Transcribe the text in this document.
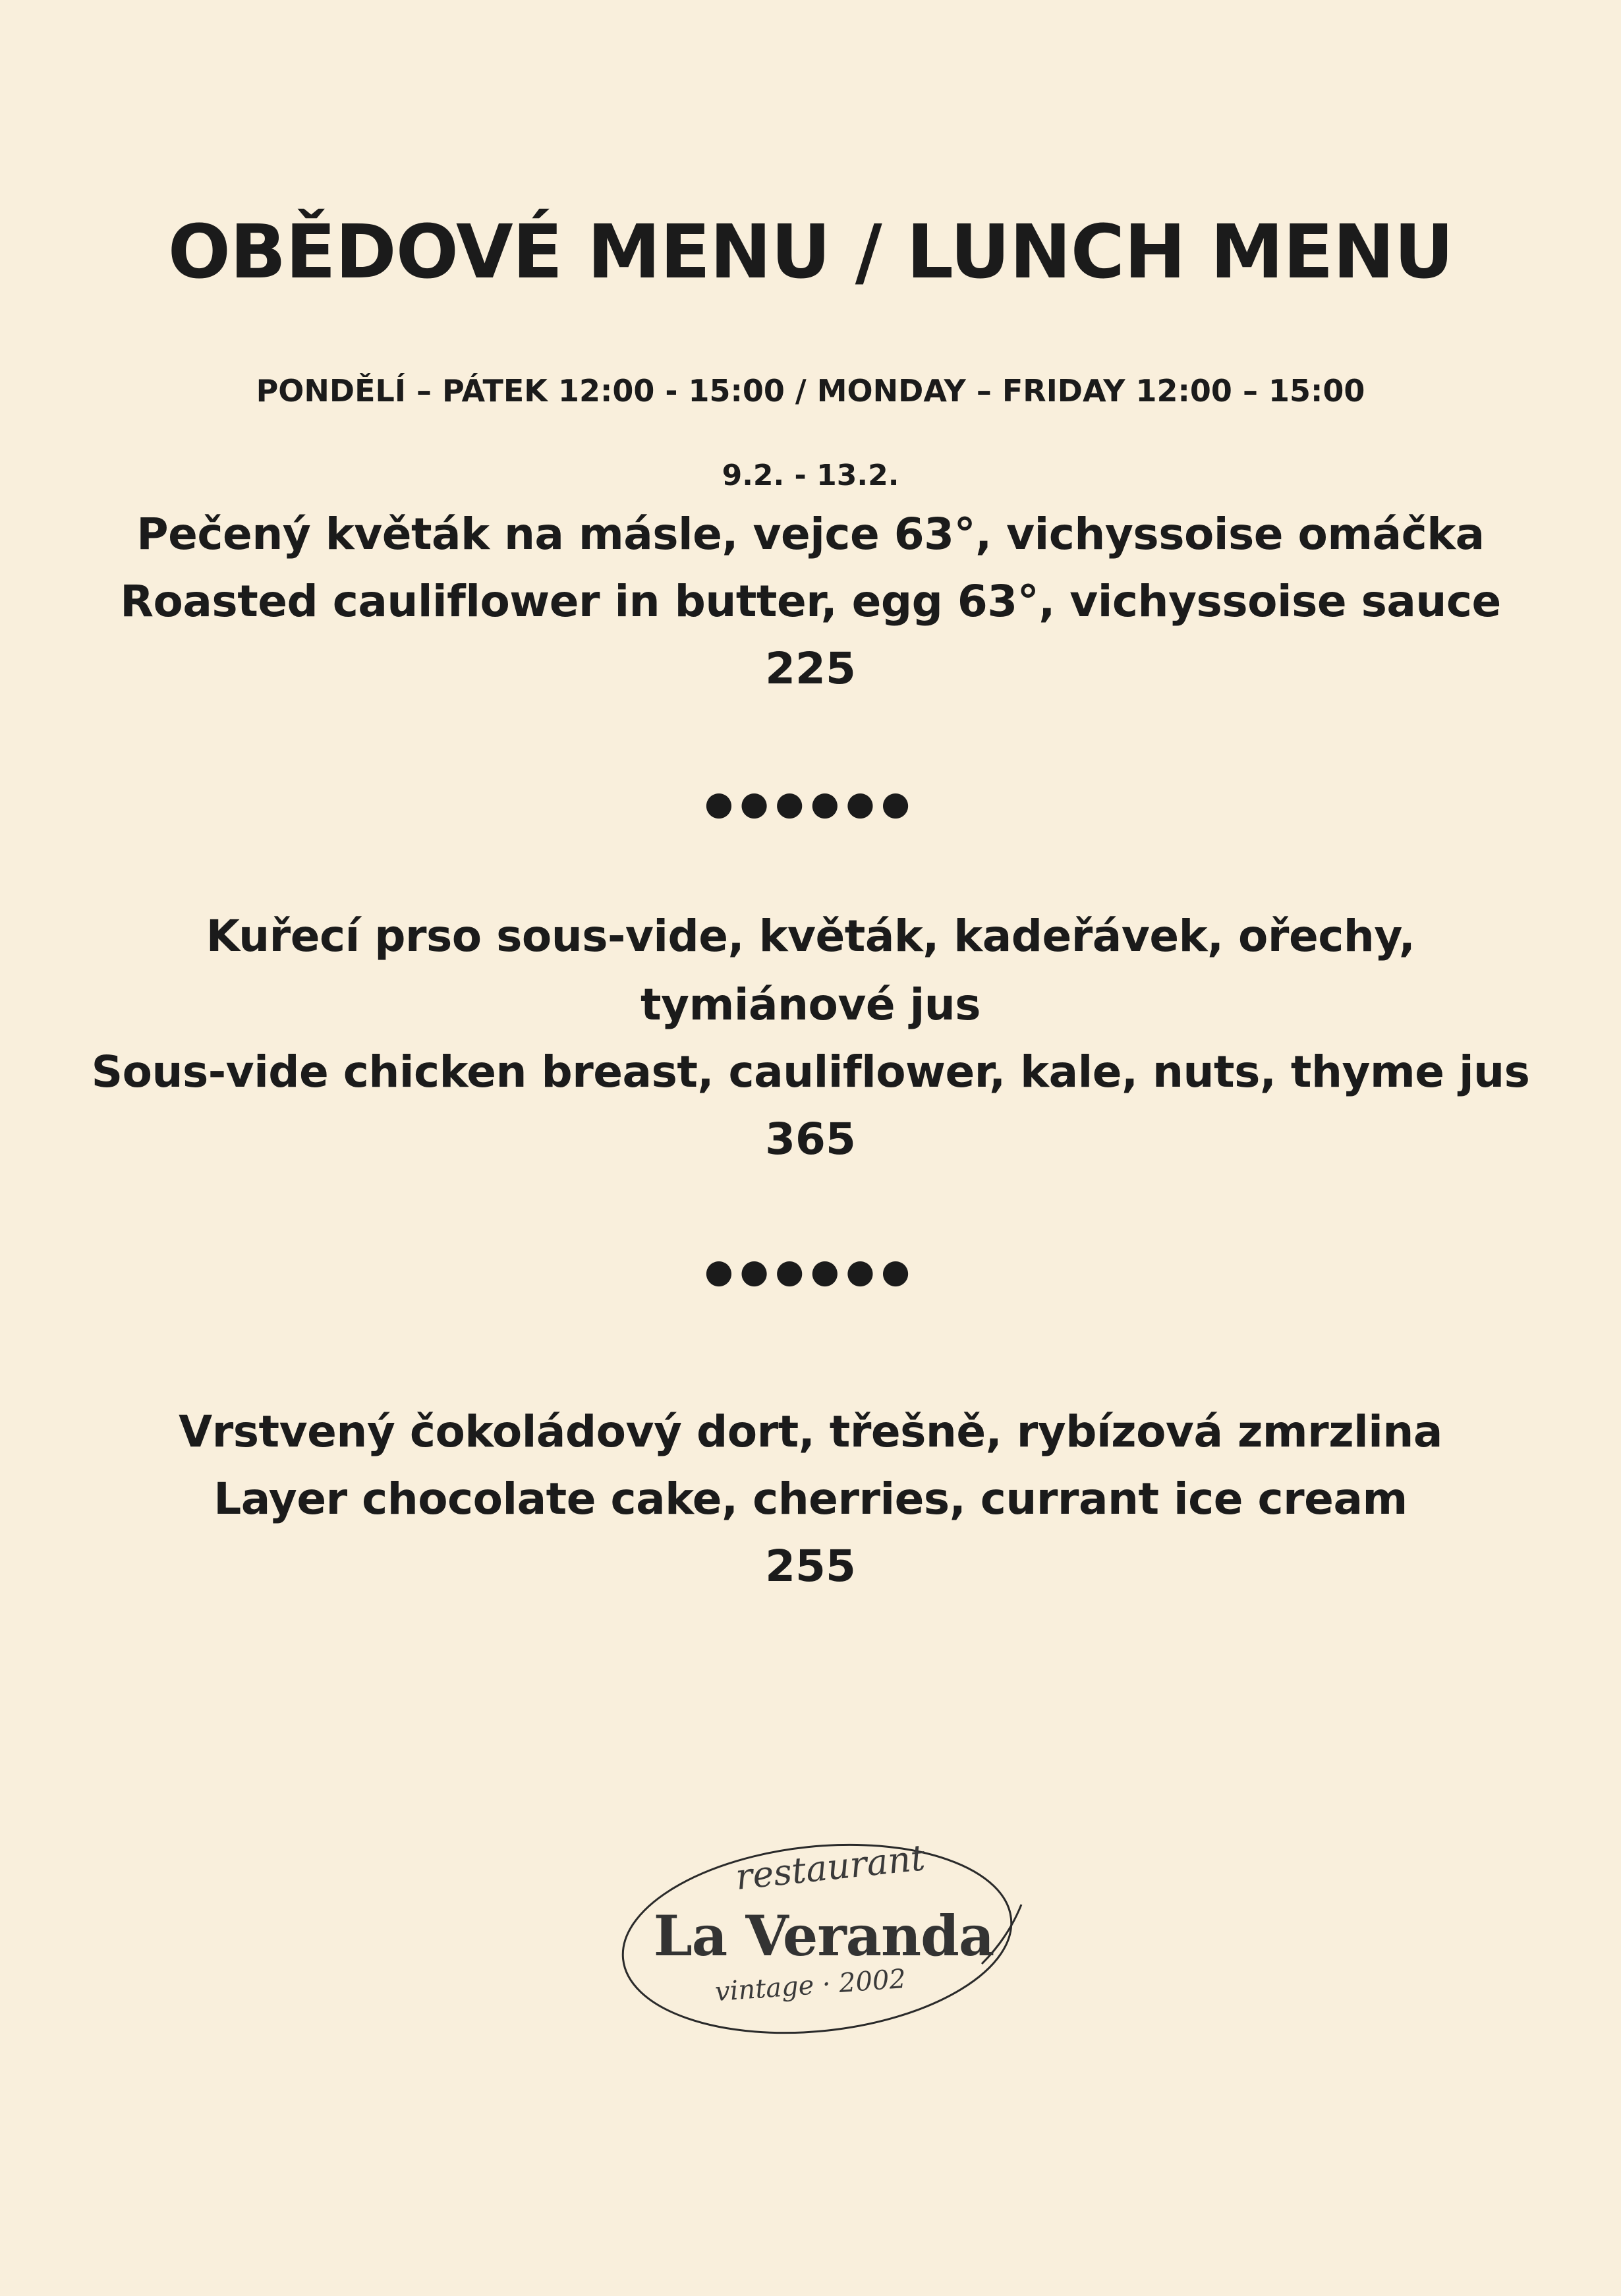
OBĚDOVÉ MENU / LUNCH MENU
PONDĚLÍ – PÁTEK 12:00 - 15:00 / MONDAY – FRIDAY 12:00 – 15:00
9.2. - 13.2.
Pečený květák na másle, vejce 63°, vichyssoise omáčka
Roasted cauliflower in butter, egg 63°, vichyssoise sauce
225
●●●●●●
Kuřecí prso sous-vide, květák, kadeřávek, ořechy,
tymiánové jus
Sous-vide chicken breast, cauliflower, kale, nuts, thyme jus
365
●●●●●●
Vrstvený čokoládový dort, třešně, rybízová zmrzlina
Layer chocolate cake, cherries, currant ice cream
255
restaurant
La Veranda
vintage · 2002
